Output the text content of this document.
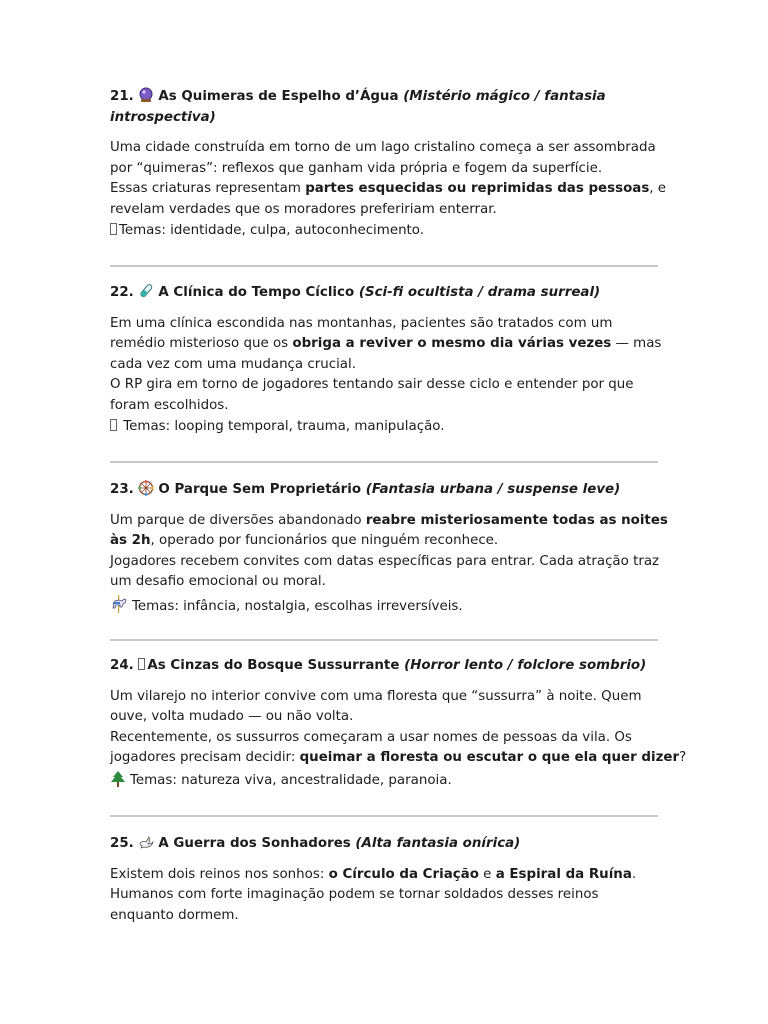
21. As Quimeras de Espelho d’Água (Mistério mágico / fantasia
introspectiva)

Uma cidade construída em torno de um lago cristalino começa a ser assombrada
por “quimeras”: reflexos que ganham vida própria e fogem da superfície.
Essas criaturas representam partes esquecidas ou reprimidas das pessoas, e
revelam verdades que os moradores prefeririam enterrar.
Temas: identidade, culpa, autoconhecimento.

22. A Clínica do Tempo Cíclico (Sci-fi ocultista / drama surreal)

Em uma clínica escondida nas montanhas, pacientes são tratados com um
remédio misterioso que os obriga a reviver o mesmo dia várias vezes — mas
cada vez com uma mudança crucial.
O RP gira em torno de jogadores tentando sair desse ciclo e entender por que
foram escolhidos.
Temas: looping temporal, trauma, manipulação.

23. O Parque Sem Proprietário (Fantasia urbana / suspense leve)

Um parque de diversões abandonado reabre misteriosamente todas as noites
às 2h, operado por funcionários que ninguém reconhece.
Jogadores recebem convites com datas específicas para entrar. Cada atração traz
um desafio emocional ou moral.
Temas: infância, nostalgia, escolhas irreversíveis.

24. As Cinzas do Bosque Sussurrante (Horror lento / folclore sombrio)

Um vilarejo no interior convive com uma floresta que “sussurra” à noite. Quem
ouve, volta mudado — ou não volta.
Recentemente, os sussurros começaram a usar nomes de pessoas da vila. Os
jogadores precisam decidir: queimar a floresta ou escutar o que ela quer dizer?
Temas: natureza viva, ancestralidade, paranoia.

25. A Guerra dos Sonhadores (Alta fantasia onírica)

Existem dois reinos nos sonhos: o Círculo da Criação e a Espiral da Ruína.
Humanos com forte imaginação podem se tornar soldados desses reinos
enquanto dormem.
